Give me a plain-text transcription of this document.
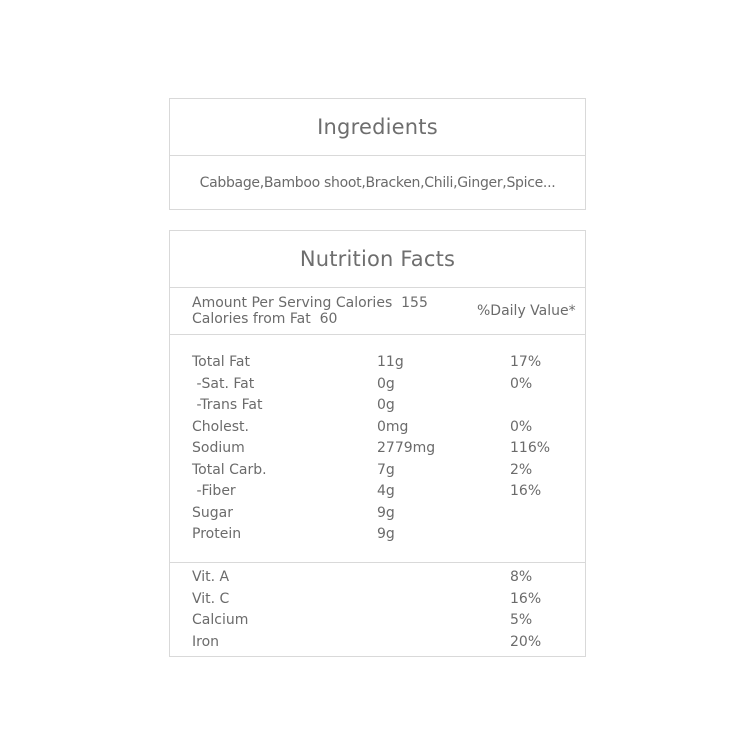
Ingredients
Cabbage,Bamboo shoot,Bracken,Chili,Ginger,Spice...
Nutrition Facts
Amount Per Serving Calories  155
Calories from Fat  60	%Daily Value*
Total Fat	11g	17%
-Sat. Fat	0g	0%
-Trans Fat	0g
Cholest.	0mg	0%
Sodium	2779mg	116%
Total Carb.	7g	2%
-Fiber	4g	16%
Sugar	9g
Protein	9g
Vit. A	8%
Vit. C	16%
Calcium	5%
Iron	20%
